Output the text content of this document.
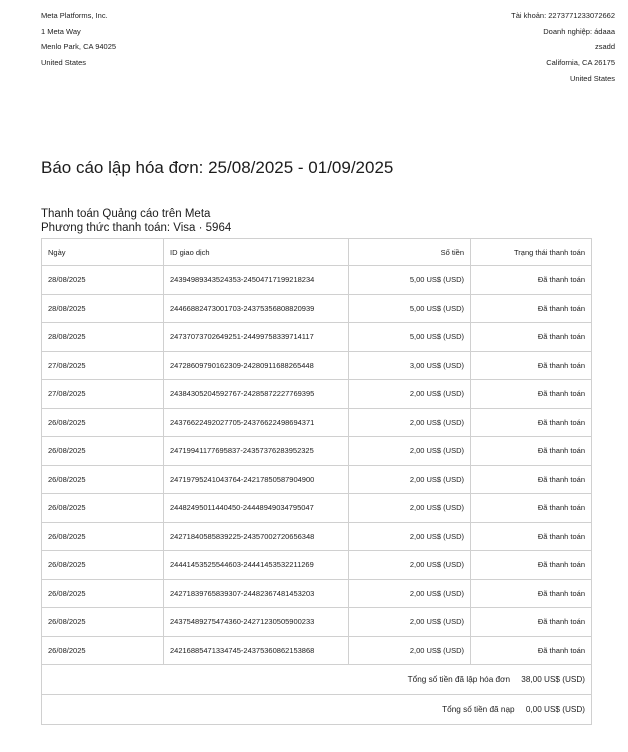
Meta Platforms, Inc.
1 Meta Way
Menlo Park, CA 94025
United States
Tài khoản: 2273771233072662
Doanh nghiệp: ádaaa
zsadd
California, CA 26175
United States
Báo cáo lập hóa đơn: 25/08/2025 - 01/09/2025
Thanh toán Quảng cáo trên Meta
Phương thức thanh toán: Visa · 5964
Ngày	ID giao dịch	Số tiền	Trạng thái thanh toán
28/08/2025	24394989343524353-24504717199218234	5,00 US$ (USD)	Đã thanh toán
28/08/2025	24466882473001703-24375356808820939	5,00 US$ (USD)	Đã thanh toán
28/08/2025	24737073702649251-24499758339714117	5,00 US$ (USD)	Đã thanh toán
27/08/2025	24728609790162309-24280911688265448	3,00 US$ (USD)	Đã thanh toán
27/08/2025	24384305204592767-24285872227769395	2,00 US$ (USD)	Đã thanh toán
26/08/2025	24376622492027705-24376622498694371	2,00 US$ (USD)	Đã thanh toán
26/08/2025	24719941177695837-24357376283952325	2,00 US$ (USD)	Đã thanh toán
26/08/2025	24719795241043764-24217850587904900	2,00 US$ (USD)	Đã thanh toán
26/08/2025	24482495011440450-24448949034795047	2,00 US$ (USD)	Đã thanh toán
26/08/2025	24271840585839225-24357002720656348	2,00 US$ (USD)	Đã thanh toán
26/08/2025	24441453525544603-24441453532211269	2,00 US$ (USD)	Đã thanh toán
26/08/2025	24271839765839307-24482367481453203	2,00 US$ (USD)	Đã thanh toán
26/08/2025	24375489275474360-24271230505900233	2,00 US$ (USD)	Đã thanh toán
26/08/2025	24216885471334745-24375360862153868	2,00 US$ (USD)	Đã thanh toán
Tổng số tiền đã lập hóa đơn 38,00 US$ (USD)			
Tổng số tiền đã nạp 0,00 US$ (USD)			
